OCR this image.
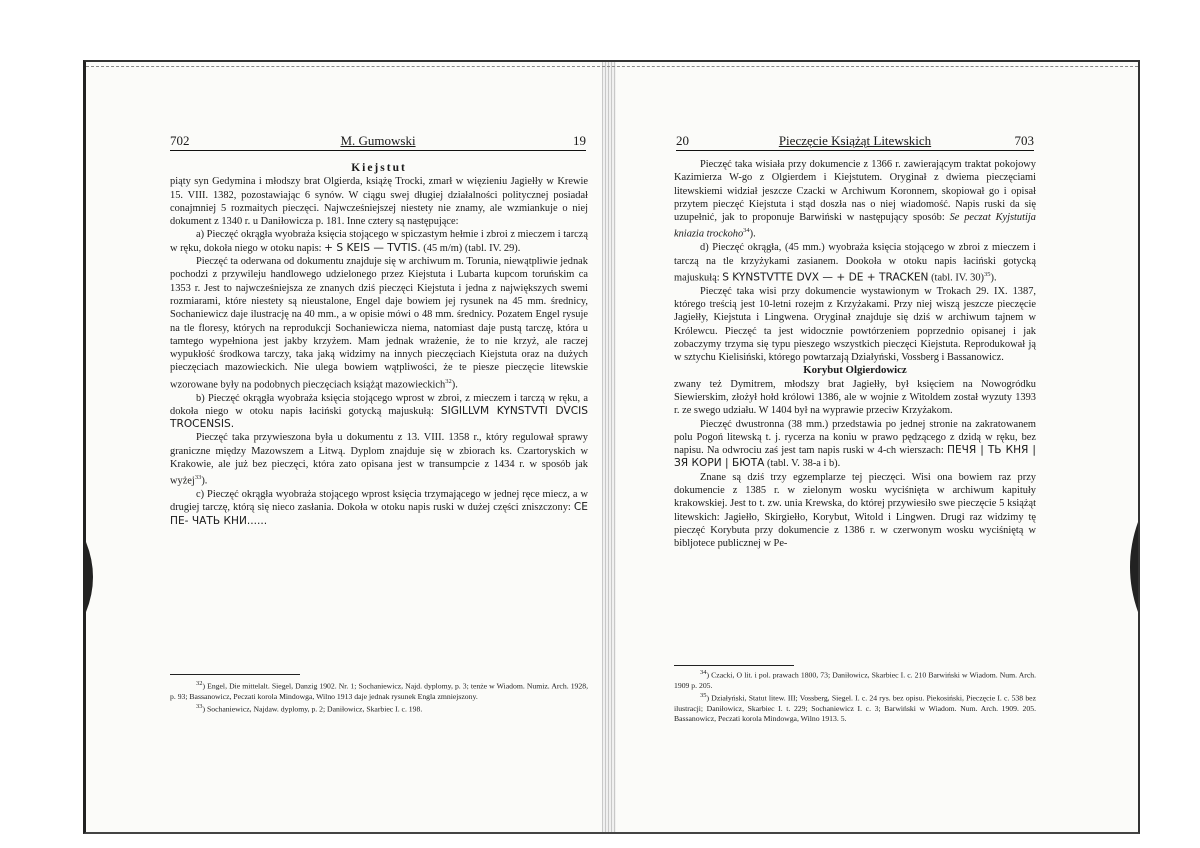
702	M. Gumowski	19

Kiejstut

piąty syn Gedymina i młodszy brat Olgierda, książę Trocki, zmarł w więzieniu Jagiełły w Krewie 15. VIII. 1382, pozostawiając 6 synów. W ciągu swej długiej działalności politycznej posiadał conajmniej 5 rozmaitych pieczęci. Najwcześniejszej niestety nie znamy, ale wzmiankuje o niej dokument z 1340 r. u Daniłowicza p. 181. Inne cztery są następujące:

a) Pieczęć okrągła wyobraża księcia stojącego w spiczastym hełmie i zbroi z mieczem i tarczą w ręku, dokoła niego w otoku napis: + S KEIS — TVTIS. (45 m/m) (tabl. IV. 29).

Pieczęć ta oderwana od dokumentu znajduje się w archiwum m. Torunia, niewątpliwie jednak pochodzi z przywileju handlowego udzielonego przez Kiejstuta i Lubarta kupcom toruńskim ca 1353 r. Jest to najwcześniejsza ze znanych dziś pieczęci Kiejstuta i jedna z największych swemi rozmiarami, które niestety są nieustalone, Engel daje bowiem jej rysunek na 45 mm. średnicy, Sochaniewicz daje ilustrację na 40 mm., a w opisie mówi o 48 mm. średnicy. Pozatem Engel rysuje na tle floresy, których na reprodukcji Sochaniewicza niema, natomiast daje pustą tarczę, która u tamtego wypełniona jest jakby krzyżem. Mam jednak wrażenie, że to nie krzyż, ale raczej wypukłość środkowa tarczy, taka jaką widzimy na innych pieczęciach Kiejstuta oraz na dużych pieczęciach mazowieckich. Nie ulega bowiem wątpliwości, że te piesze pieczęcie litewskie wzorowane były na podobnych pieczęciach książąt mazowieckich$^{32}$).

b) Pieczęć okrągła wyobraża księcia stojącego wprost w zbroi, z mieczem i tarczą w ręku, a dokoła niego w otoku napis łaciński gotycką majuskułą: SIGILLVM KYNSTVTI DVCIS TROCENSIS.

Pieczęć taka przywieszona była u dokumentu z 13. VIII. 1358 r., który regulował sprawy graniczne między Mazowszem a Litwą. Dyplom znajduje się w zbiorach ks. Czartoryskich w Krakowie, ale już bez pieczęci, która zato opisana jest w transumpcie z 1434 r. w sposób jak wyżej$^{33}$).

c) Pieczęć okrągła wyobraża stojącego wprost księcia trzymającego w jednej ręce miecz, a w drugiej tarczę, którą się nieco zasłania. Dokoła w otoku napis ruski w dużej części zniszczony: СЕ ПЕ- ЧАТЬ КНИ......

$^{32}$) Engel, Die mittelalt. Siegel, Danzig 1902. Nr. 1; Sochaniewicz, Najd. dyplomy, p. 3; tenże w Wiadom. Numiz. Arch. 1928, p. 93; Bassanowicz, Peczati korola Mindowga, Wilno 1913 daje jednak rysunek Engla zmniejszony.

$^{33}$) Sochaniewicz, Najdaw. dyplomy, p. 2; Daniłowicz, Skarbiec I. c. 198.

20	Pieczęcie Książąt Litewskich	703

Pieczęć taka wisiała przy dokumencie z 1366 r. zawierającym traktat pokojowy Kazimierza W-go z Olgierdem i Kiejstutem. Oryginał z dwiema pieczęciami litewskiemi widział jeszcze Czacki w Archiwum Koronnem, skopiował go i opisał przytem pieczęć Kiejstuta i stąd doszła nas o niej wiadomość. Napis ruski da się uzupełnić, jak to proponuje Barwiński w następujący sposób: Se peczat Kyjstutija kniazia trockoho$^{34}$).

d) Pieczęć okrągła, (45 mm.) wyobraża księcia stojącego w zbroi z mieczem i tarczą na tle krzyżykami zasianem. Dookoła w otoku napis łaciński gotycką majuskułą: S KYNSTVTTE DVX — + DE + TRACKEN (tabl. IV. 30)$^{35}$).

Pieczęć taka wisi przy dokumencie wystawionym w Trokach 29. IX. 1387, którego treścią jest 10-letni rozejm z Krzyżakami. Przy niej wiszą jeszcze pieczęcie Jagiełły, Kiejstuta i Lingwena. Oryginał znajduje się dziś w archiwum tajnem w Królewcu. Pieczęć ta jest widocznie powtórzeniem poprzednio opisanej i jak zobaczymy trzyma się typu pieszego wszystkich pieczęci Kiejstuta. Reprodukował ją w sztychu Kielisiński, którego powtarzają Działyński, Vossberg i Bassanowicz.

Korybut Olgierdowicz

zwany też Dymitrem, młodszy brat Jagiełły, był księciem na Nowogródku Siewierskim, złożył hołd królowi 1386, ale w wojnie z Witoldem został wyzuty 1393 r. ze swego udziału. W 1404 był na wyprawie przeciw Krzyżakom.

Pieczęć dwustronna (38 mm.) przedstawia po jednej stronie na zakratowanem polu Pogoń litewską t. j. rycerza na koniu w prawo pędzącego z dzidą w ręku, bez napisu. Na odwrociu zaś jest tam napis ruski w 4-ch wierszach: ПЕЧЯ | ТЬ КНЯ | ЗЯ КОРИ | БЮТА (tabl. V. 38-a i b).

Znane są dziś trzy egzemplarze tej pieczęci. Wisi ona bowiem raz przy dokumencie z 1385 r. w zielonym wosku wyciśnięta w archiwum kapituły krakowskiej. Jest to t. zw. unia Krewska, do której przywiesiło swe pieczęcie 5 książąt litewskich: Jagiełło, Skirgiełło, Korybut, Witold i Lingwen. Drugi raz widzimy tę pieczęć Korybuta przy dokumencie z 1386 r. w czerwonym wosku wyciśniętą w bibljotece publicznej w Pe-

$^{34}$) Czacki, O lit. i pol. prawach 1800, 73; Daniłowicz, Skarbiec I. c. 210 Barwiński w Wiadom. Num. Arch. 1909 p. 205.

$^{35}$) Działyński, Statut litew. III; Vossberg, Siegel. I. c. 24 rys. bez opisu. Piekosiński, Pieczęcie I. c. 538 bez ilustracji; Daniłowicz, Skarbiec I. t. 229; Sochaniewicz I. c. 3; Barwiński w Wiadom. Num. Arch. 1909. 205. Bassanowicz, Peczati korola Mindowga, Wilno 1913. 5.
